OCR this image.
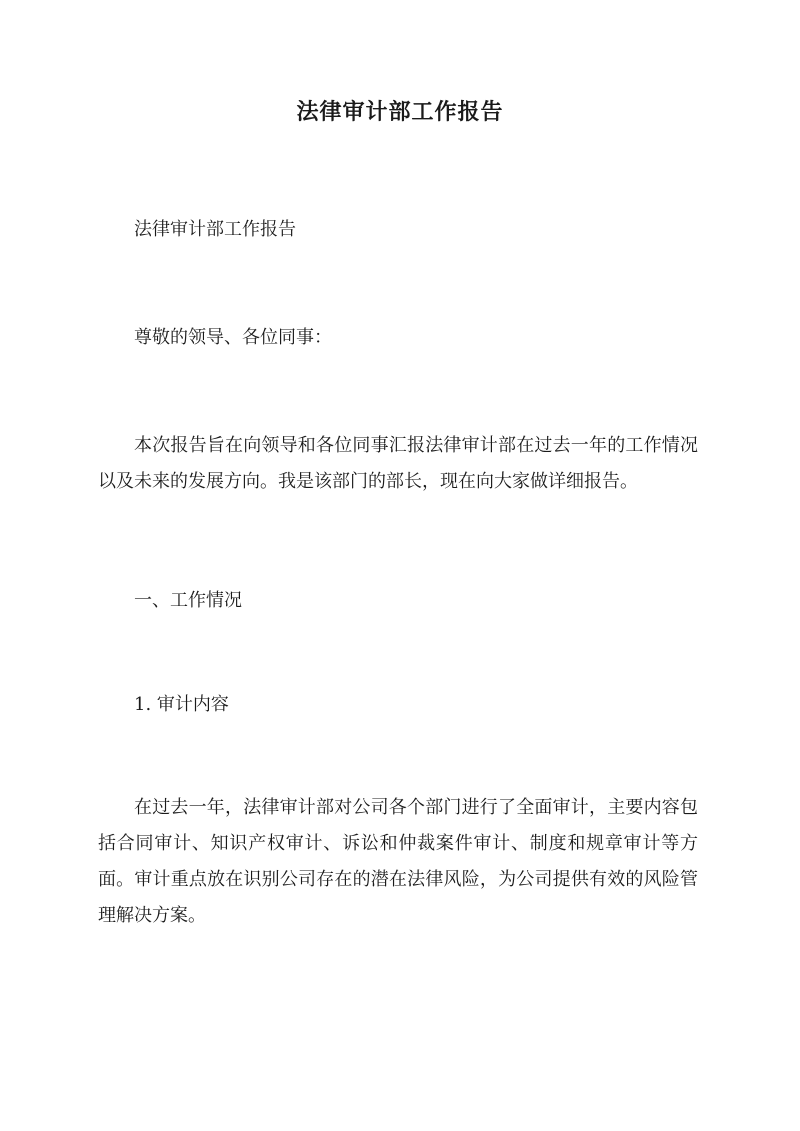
法律审计部工作报告

法律审计部工作报告

尊敬的领导、各位同事：

本次报告旨在向领导和各位同事汇报法律审计部在过去一年的工作情况以及未来的发展方向。我是该部门的部长，现在向大家做详细报告。

一、工作情况

1. 审计内容

在过去一年，法律审计部对公司各个部门进行了全面审计，主要内容包括合同审计、知识产权审计、诉讼和仲裁案件审计、制度和规章审计等方面。审计重点放在识别公司存在的潜在法律风险，为公司提供有效的风险管理解决方案。
